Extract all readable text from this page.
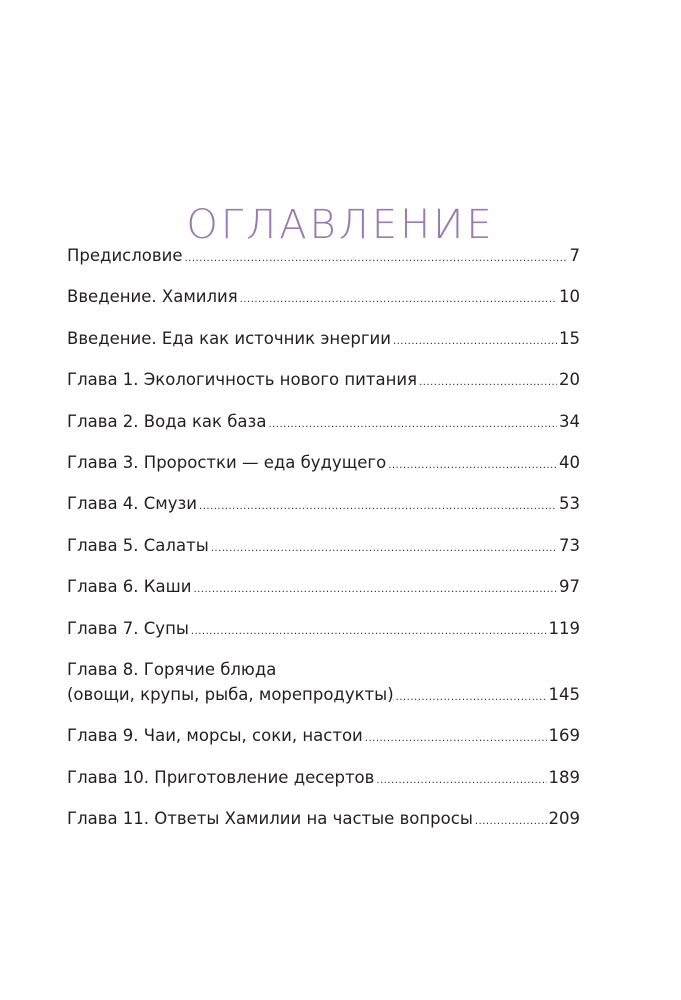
ОГЛАВЛЕНИЕ
Предисловие .....	7
Введение. Хамилия .....	10
Введение. Еда как источник энергии .....	15
Глава 1. Экологичность нового питания .....	20
Глава 2. Вода как база .....	34
Глава 3. Проростки — еда будущего .....	40
Глава 4. Смузи .....	53
Глава 5. Салаты .....	73
Глава 6. Каши .....	97
Глава 7. Супы .....	119
Глава 8. Горячие блюда
(овощи, крупы, рыба, морепродукты) .....	145
Глава 9. Чаи, морсы, соки, настои .....	169
Глава 10. Приготовление десертов .....	189
Глава 11. Ответы Хамилии на частые вопросы .....	209
